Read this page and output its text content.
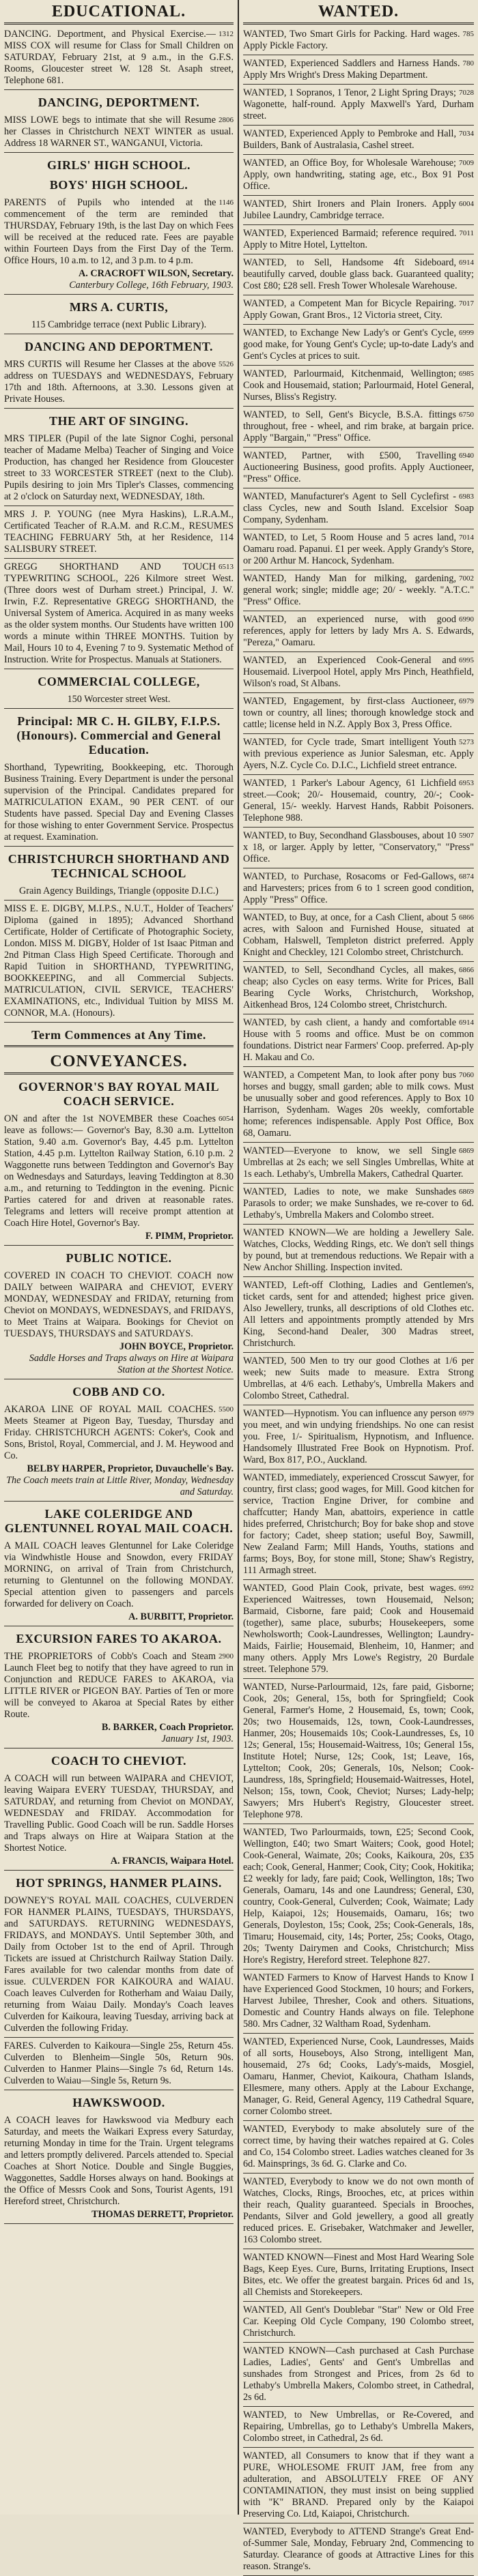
EDUCATIONAL.
1312
DANCING. Deportment, and Physical Exercise.—MISS COX will resume for Class for Small Children on SATURDAY, February 21st, at 9 a.m., in the G.F.S. Rooms, Gloucester street W. 128 St. Asaph street, Telephone 681.
DANCING, DEPORTMENT.
2806
MISS LOWE begs to intimate that she will Resume her Classes in Christchurch NEXT WINTER as usual. Address 18 WARNER ST., WANGANUI, Victoria.
GIRLS' HIGH SCHOOL.
BOYS' HIGH SCHOOL.
1146
PARENTS of Pupils who intended at the commencement of the term are reminded that THURSDAY, February 19th, is the last Day on which Fees will be received at the reduced rate. Fees are payable within Fourteen Days from the First Day of the Term. Office Hours, 10 a.m. to 12, and 3 p.m. to 4 p.m.
A. CRACROFT WILSON, Secretary.
Canterbury College, 16th February, 1903.
MRS A. CURTIS,
115 Cambridge terrace (next Public Library).
DANCING AND DEPORTMENT.
5526
MRS CURTIS will Resume her Classes at the above address on TUESDAYS and WEDNESDAYS, February 17th and 18th. Afternoons, at 3.30. Lessons given at Private Houses.
THE ART OF SINGING.
MRS TIPLER (Pupil of the late Signor Coghi, personal teacher of Madame Melba) Teacher of Singing and Voice Production, has changed her Residence from Gloucester street to 33 WORCESTER STREET (next to the Club). Pupils desiring to join Mrs Tipler's Classes, commencing at 2 o'clock on Saturday next, WEDNESDAY, 18th.
MRS J. P. YOUNG (nee Myra Haskins), L.R.A.M., Certificated Teacher of R.A.M. and R.C.M., RESUMES TEACHING FEBRUARY 5th, at her Residence, 114 SALISBURY STREET.
6513
GREGG SHORTHAND AND TOUCH TYPEWRITING SCHOOL, 226 Kilmore street West. (Three doors west of Durham street.) Principal, J. W. Irwin, F.Z. Representative GREGG SHORTHAND, the Universal System of America. Acquired in as many weeks as the older system months. Our Students have written 100 words a minute within THREE MONTHS. Tuition by Mail, Hours 10 to 4, Evening 7 to 9. Systematic Method of Instruction. Write for Prospectus. Manuals at Stationers.
COMMERCIAL COLLEGE,
150 Worcester street West.
Principal: MR C. H. GILBY, F.I.P.S. (Honours). Commercial and General Education.
Shorthand, Typewriting, Bookkeeping, etc. Thorough Business Training. Every Department is under the personal supervision of the Principal. Candidates prepared for MATRICULATION EXAM., 90 PER CENT. of our Students have passed. Special Day and Evening Classes for those wishing to enter Government Service. Prospectus at request. Examination.
CHRISTCHURCH SHORTHAND AND TECHNICAL SCHOOL
Grain Agency Buildings, Triangle (opposite D.I.C.)
MISS E. E. DIGBY, M.I.P.S., N.U.T., Holder of Teachers' Diploma (gained in 1895); Advanced Shorthand Certificate, Holder of Certificate of Photographic Society, London. MISS M. DIGBY, Holder of 1st Isaac Pitman and 2nd Pitman Class High Speed Certificate. Thorough and Rapid Tuition in SHORTHAND, TYPEWRITING, BOOKKEEPING, and all Commercial Subjects. MATRICULATION, CIVIL SERVICE, TEACHERS' EXAMINATIONS, etc., Individual Tuition by MISS M. CONNOR, M.A. (Honours).
Term Commences at Any Time.
CONVEYANCES.
GOVERNOR'S BAY ROYAL MAIL COACH SERVICE.
6054
ON and after the 1st NOVEMBER these Coaches leave as follows:— Governor's Bay, 8.30 a.m. Lyttelton Station, 9.40 a.m. Governor's Bay, 4.45 p.m. Lyttelton Station, 4.45 p.m. Lyttelton Railway Station, 6.10 p.m. 2 Waggonette runs between Teddington and Governor's Bay on Wednesdays and Saturdays, leaving Teddington at 8.30 a.m., and returning to Teddington in the evening. Picnic Parties catered for and driven at reasonable rates. Telegrams and letters will receive prompt attention at Coach Hire Hotel, Governor's Bay.
F. PIMM, Proprietor.
PUBLIC NOTICE.
COVERED IN COACH TO CHEVIOT. COACH now DAILY between WAIPARA and CHEVIOT, EVERY MONDAY, WEDNESDAY and FRIDAY, returning from Cheviot on MONDAYS, WEDNESDAYS, and FRIDAYS, to Meet Trains at Waipara. Bookings for Cheviot on TUESDAYS, THURSDAYS and SATURDAYS.
JOHN BOYCE, Proprietor.
Saddle Horses and Traps always on Hire at Waipara Station at the Shortest Notice.
COBB AND CO.
5500
AKAROA LINE OF ROYAL MAIL COACHES. Meets Steamer at Pigeon Bay, Tuesday, Thursday and Friday. CHRISTCHURCH AGENTS: Coker's, Cook and Sons, Bristol, Royal, Commercial, and J. M. Heywood and Co.
BELBY HARPER, Proprietor, Duvauchelle's Bay.
The Coach meets train at Little River, Monday, Wednesday and Saturday.
LAKE COLERIDGE AND GLENTUNNEL ROYAL MAIL COACH.
A MAIL COACH leaves Glentunnel for Lake Coleridge via Windwhistle House and Snowdon, every FRIDAY MORNING, on arrival of Train from Christchurch, returning to Glentunnel on the following MONDAY. Special attention given to passengers and parcels forwarded for delivery on Coach.
A. BURBITT, Proprietor.
EXCURSION FARES TO AKAROA.
2900
THE PROPRIETORS of Cobb's Coach and Steam Launch Fleet beg to notify that they have agreed to run in Conjunction and REDUCE FARES to AKAROA, via LITTLE RIVER or PIGEON BAY. Parties of Ten or more will be conveyed to Akaroa at Special Rates by either Route.
B. BARKER, Coach Proprietor.
January 1st, 1903.
COACH TO CHEVIOT.
A COACH will run between WAIPARA and CHEVIOT, leaving Waipara EVERY TUESDAY, THURSDAY, and SATURDAY, and returning from Cheviot on MONDAY, WEDNESDAY and FRIDAY. Accommodation for Travelling Public. Good Coach will be run. Saddle Horses and Traps always on Hire at Waipara Station at the Shortest Notice.
A. FRANCIS, Waipara Hotel.
HOT SPRINGS, HANMER PLAINS.
DOWNEY'S ROYAL MAIL COACHES, CULVERDEN FOR HANMER PLAINS, TUESDAYS, THURSDAYS, and SATURDAYS. RETURNING WEDNESDAYS, FRIDAYS, and MONDAYS. Until September 30th, and Daily from October 1st to the end of April. Through Tickets are issued at Christchurch Railway Station Daily. Fares available for two calendar months from date of issue. CULVERDEN FOR KAIKOURA and WAIAU. Coach leaves Culverden for Rotherham and Waiau Daily, returning from Waiau Daily. Monday's Coach leaves Culverden for Kaikoura, leaving Tuesday, arriving back at Culverden the following Friday.
FARES. Culverden to Kaikoura—Single 25s, Return 45s. Culverden to Blenheim—Single 50s, Return 90s. Culverden to Hanmer Plains—Single 7s 6d, Return 14s. Culverden to Waiau—Single 5s, Return 9s.
HAWKSWOOD.
A COACH leaves for Hawkswood via Medbury each Saturday, and meets the Waikari Express every Saturday, returning Monday in time for the Train. Urgent telegrams and letters promptly delivered. Parcels attended to. Special Coaches at Short Notice. Double and Single Buggies, Waggonettes, Saddle Horses always on hand. Bookings at the Office of Messrs Cook and Sons, Tourist Agents, 191 Hereford street, Christchurch.
THOMAS DERRETT, Proprietor.
WANTED.
785
WANTED, Two Smart Girls for Packing. Hard wages. Apply Pickle Factory.
780
WANTED, Experienced Saddlers and Harness Hands. Apply Mrs Wright's Dress Making Department.
7028
WANTED, 1 Sopranos, 1 Tenor, 2 Light Spring Drays; Wagonette, half-round. Apply Maxwell's Yard, Durham street.
7034
WANTED, Experienced Apply to Pembroke and Hall, Builders, Bank of Australasia, Cashel street.
7009
WANTED, an Office Boy, for Wholesale Warehouse; Apply, own handwriting, stating age, etc., Box 91 Post Office.
6004
WANTED, Shirt Ironers and Plain Ironers. Apply Jubilee Laundry, Cambridge terrace.
7011
WANTED, Experienced Barmaid; reference required. Apply to Mitre Hotel, Lyttelton.
6914
WANTED, to Sell, Handsome 4ft Sideboard, beautifully carved, double glass back. Guaranteed quality; Cost £80; £28 sell. Fresh Tower Wholesale Warehouse.
7017
WANTED, a Competent Man for Bicycle Repairing. Apply Gowan, Grant Bros., 12 Victoria street, City.
6999
WANTED, to Exchange New Lady's or Gent's Cycle, good make, for Young Gent's Cycle; up-to-date Lady's and Gent's Cycles at prices to suit.
6985
WANTED, Parlourmaid, Kitchenmaid, Wellington; Cook and Housemaid, station; Parlourmaid, Hotel General, Nurses, Bliss's Registry.
6750
WANTED, to Sell, Gent's Bicycle, B.S.A. fittings throughout, free - wheel, and rim brake, at bargain price. Apply "Bargain," "Press" Office.
6940
WANTED, Partner, with £500, Travelling Auctioneering Business, good profits. Apply Auctioneer, "Press" Office.
6983
WANTED, Manufacturer's Agent to Sell Cyclefirst - class Cycles, new and South Island. Excelsior Soap Company, Sydenham.
7014
WANTED, to Let, 5 Room House and 5 acres land, Oamaru road. Papanui. £1 per week. Apply Grandy's Store, or 200 Arthur M. Hancock, Sydenham.
7002
WANTED, Handy Man for milking, gardening, general work; single; middle age; 20/ - weekly. "A.T.C." "Press" Office.
6990
WANTED, an experienced nurse, with good references, apply for letters by lady Mrs A. S. Edwards, "Pereza," Oamaru.
6995
WANTED, an Experienced Cook-General and Housemaid. Liverpool Hotel, apply Mrs Pinch, Heathfield, Wilson's road, St Albans.
6979
WANTED, Engagement, by first-class Auctioneer, town or country, all lines; thorough knowledge stock and cattle; license held in N.Z. Apply Box 3, Press Office.
5273
WANTED, for Cycle trade, Smart intelligent Youth with previous experience as Junior Salesman, etc. Apply Ayers, N.Z. Cycle Co. D.I.C., Lichfield street entrance.
6953
WANTED, 1 Parker's Labour Agency, 61 Lichfield street.—Cook; 20/- Housemaid, country, 20/-; Cook-General, 15/- weekly. Harvest Hands, Rabbit Poisoners. Telephone 988.
5907
WANTED, to Buy, Secondhand Glassbouses, about 10 x 18, or larger. Apply by letter, "Conservatory," "Press" Office.
6874
WANTED, to Purchase, Rosacoms or Fed-Gallows, and Harvesters; prices from 6 to 1 screen good condition, Apply "Press" Office.
6866
WANTED, to Buy, at once, for a Cash Client, about 5 acres, with Saloon and Furnished House, situated at Cobham, Halswell, Templeton district preferred. Apply Knight and Checkley, 121 Colombo street, Christchurch.
6866
WANTED, to Sell, Secondhand Cycles, all makes, cheap; also Cycles on easy terms. Write for Prices, Ball Bearing Cycle Works, Christchurch, Workshop, Aitkenhead Bros, 124 Colombo street, Christchurch.
6914
WANTED, by cash client, a handy and comfortable House with 5 rooms and office. Must be on common foundations. District near Farmers' Coop. preferred. Ap-ply H. Makau and Co.
7060
WANTED, a Competent Man, to look after pony bus horses and buggy, small garden; able to milk cows. Must be unusually sober and good references. Apply to Box 10 Harrison, Sydenham. Wages 20s weekly, comfortable home; references indispensable. Apply Post Office, Box 68, Oamaru.
6869
WANTED—Everyone to know, we sell Single Umbrellas at 2s each; we sell Singles Umbrellas, White at 1s each. Lethaby's, Umbrella Makers, Cathedral Quarter.
6869
WANTED, Ladies to note, we make Sunshades Parasols to order; we make Sunshades, we re-cover to 6d. Lethaby's, Umbrella Makers and Colombo street.
WANTED KNOWN—We are holding a Jewellery Sale. Watches, Clocks, Wedding Rings, etc. We don't sell things by pound, but at tremendous reductions. We Repair with a New Anchor Shilling. Inspection invited.
WANTED, Left-off Clothing, Ladies and Gentlemen's, ticket cards, sent for and attended; highest price given. Also Jewellery, trunks, all descriptions of old Clothes etc. All letters and appointments promptly attended by Mrs King, Second-hand Dealer, 300 Madras street, Christchurch.
WANTED, 500 Men to try our good Clothes at 1/6 per week; new Suits made to measure. Extra Strong Umbrellas, at 4/6 each. Lethaby's, Umbrella Makers and Colombo Street, Cathedral.
6979
WANTED—Hypnotism. You can influence any person you meet, and win undying friendships. No one can resist you. Free, 1/- Spiritualism, Hypnotism, and Influence. Handsomely Illustrated Free Book on Hypnotism. Prof. Ward, Box 817, P.O., Auckland.
WANTED, immediately, experienced Crosscut Sawyer, for country, first class; good wages, for Mill. Good kitchen for service, Traction Engine Driver, for combine and chaffcutter; Handy Man, abattoirs, experience in cattle hides preferred, Christchurch; Boy for bake shop and stove for factory; Cadet, sheep station; useful Boy, Sawmill, New Zealand Farm; Mill Hands, Youths, stations and farms; Boys, Boy, for stone mill, Stone; Shaw's Registry, 111 Armagh street.
6992
WANTED, Good Plain Cook, private, best wages. Experienced Waitresses, town Housemaid, Nelson; Barmaid, Cisborne, fare paid; Cook and Housemaid (together), same place, suburbs; Housekeepers, some Newholsworth; Cook-Laundresses, Wellington; Laundry-Maids, Fairlie; Housemaid, Blenheim, 10, Hanmer; and many others. Apply Mrs Lowe's Registry, 20 Burdale street. Telephone 579.
WANTED, Nurse-Parlourmaid, 12s, fare paid, Gisborne; Cook, 20s; General, 15s, both for Springfield; Cook General, Farmer's Home, 2 Housemaid, £s, town; Cook, 20s; two Housemaids, 12s, town, Cook-Laundresses, Hanmer, 20s; Housemaids 10s; Cook-Laundresses, £s, 10 12s; General, 15s; Housemaid-Waitress, 10s; General 15s, Institute Hotel; Nurse, 12s; Cook, 1st; Leave, 16s, Lyttelton; Cook, 20s; Generals, 10s, Nelson; Cook-Laundress, 18s, Springfield; Housemaid-Waitresses, Hotel, Nelson; 15s, town, Cook, Cheviot; Nurses; Lady-help; Sawyers; Mrs Hubert's Registry, Gloucester street. Telephone 978.
WANTED, Two Parlourmaids, town, £25; Second Cook, Wellington, £40; two Smart Waiters; Cook, good Hotel; Cook-General, Waimate, 20s; Cooks, Kaikoura, 20s, £35 each; Cook, General, Hanmer; Cook, City; Cook, Hokitika; £2 weekly for lady, fare paid; Cook, Wellington, 18s; Two Generals, Oamaru, 14s and one Laundress; General, £30, country, Cook-General, Culverden; Cook, Waimate; Lady Help, Kaiapoi, 12s; Housemaids, Oamaru, 16s; two Generals, Doyleston, 15s; Cook, 25s; Cook-Generals, 18s, Timaru; Housemaid, city, 14s; Porter, 25s; Cooks, Otago, 20s; Twenty Dairymen and Cooks, Christchurch; Miss Hore's Registry, Hereford street. Telephone 827.
WANTED Farmers to Know of Harvest Hands to Know I have Experienced Good Stockmen, 10 hours; and Forkers, Harvest Jubilee, Thresher, Cook and others. Situations, Domestic and Country Hands always on file. Telephone 580. Mrs Cadner, 32 Waltham Road, Sydenham.
WANTED, Experienced Nurse, Cook, Laundresses, Maids of all sorts, Houseboys, Also Strong, intelligent Man, housemaid, 27s 6d; Cooks, Lady's-maids, Mosgiel, Oamaru, Hanmer, Cheviot, Kaikoura, Chatham Islands, Ellesmere, many others. Apply at the Labour Exchange, Manager, G. Reid, General Agency, 119 Cathedral Square, corner Colombo street.
WANTED, Everybody to make absolutely sure of the correct time, by having their watches repaired at G. Coles and Co, 154 Colombo street. Ladies watches cleaned for 3s 6d. Mainsprings, 3s 6d. G. Clarke and Co.
WANTED, Everybody to know we do not own month of Watches, Clocks, Rings, Brooches, etc, at prices within their reach, Quality guaranteed. Specials in Brooches, Pendants, Silver and Gold jewellery, a good all greatly reduced prices. E. Grisebaker, Watchmaker and Jeweller, 163 Colombo street.
WANTED KNOWN—Finest and Most Hard Wearing Sole Bags, Keep Eyes. Cure, Burns, Irritating Eruptions, Insect Bites, etc. We offer the greatest bargain. Prices 6d and 1s, all Chemists and Storekeepers.
WANTED, All Gent's Doublebar "Star" New or Old Free Car. Keeping Old Cycle Company, 190 Colombo street, Christchurch.
WANTED KNOWN—Cash purchased at Cash Purchase Ladies, Ladies', Gents' and Gent's Umbrellas and sunshades from Strongest and Prices, from 2s 6d to Lethaby's Umbrella Makers, Colombo street, in Cathedral, 2s 6d.
WANTED, to New Umbrellas, or Re-Covered, and Repairing, Umbrellas, go to Lethaby's Umbrella Makers, Colombo street, in Cathedral, 2s 6d.
WANTED, all Consumers to know that if they want a PURE, WHOLESOME FRUIT JAM, free from any adulteration, and ABSOLUTELY FREE OF ANY CONTAMINATION, they must insist on being supplied with "K" BRAND. Prepared only by the Kaiapoi Preserving Co. Ltd, Kaiapoi, Christchurch.
WANTED, Everybody to ATTEND Strange's Great End-of-Summer Sale, Monday, February 2nd, Commencing to Saturday. Clearance of goods at Attractive Lines for this reason. Strange's.
